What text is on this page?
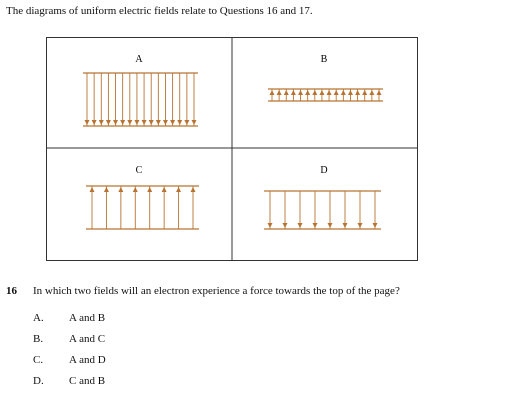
The diagrams of uniform electric fields relate to Questions 16 and 17.
A	B
C	D
16 In which two fields will an electron experience a force towards the top of the page?
A. A and B
B. A and C
C. A and D
D. C and B
